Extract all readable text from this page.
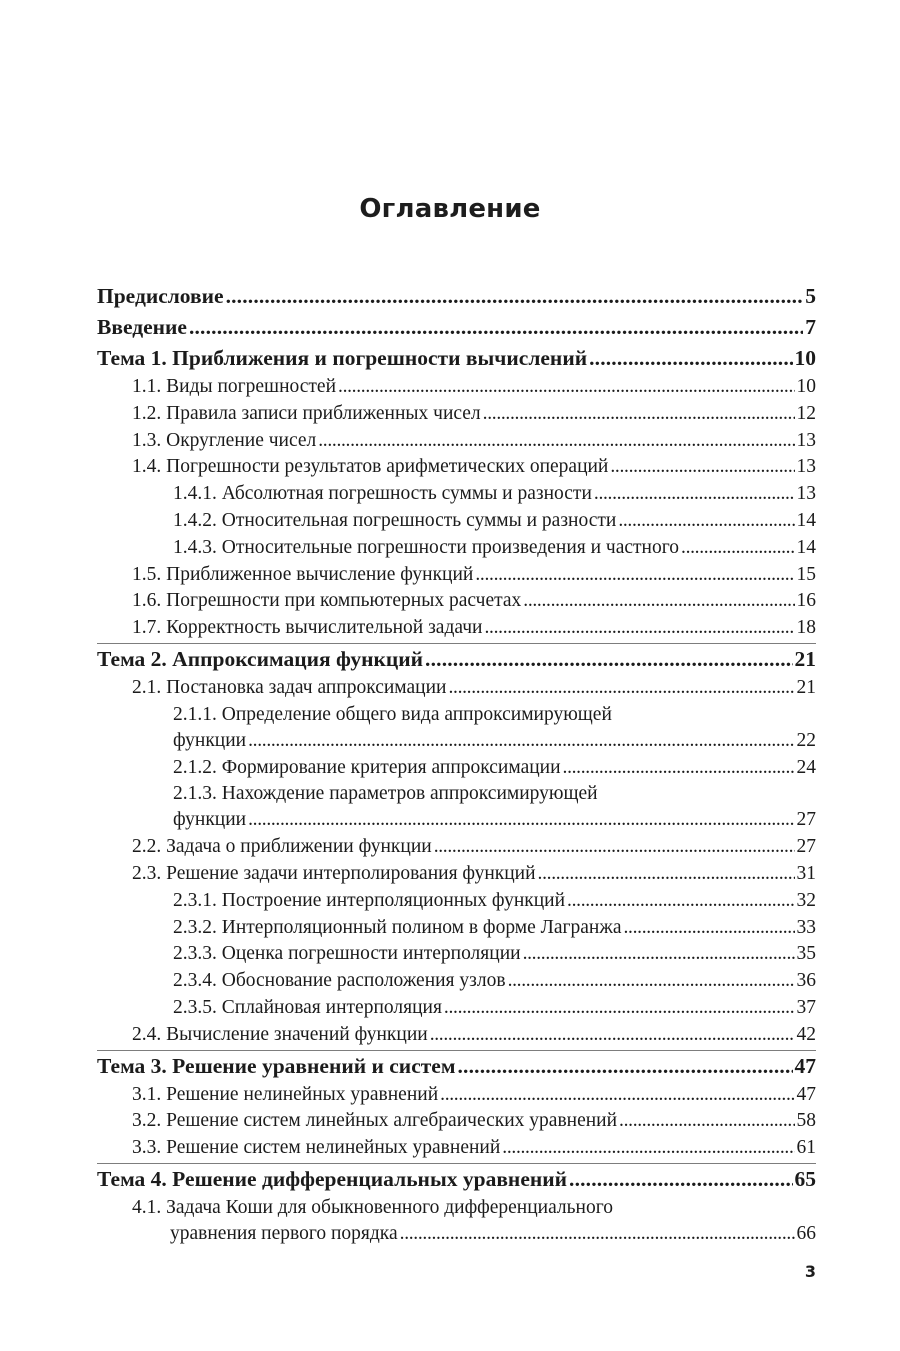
Оглавление
Предисловие . . .	5
Введение . . .	7
Тема 1. Приближения и погрешности вычислений . . .	10
1.1. Виды погрешностей . . .	10
1.2. Правила записи приближенных чисел . . .	12
1.3. Округление чисел . . .	13
1.4. Погрешности результатов арифметических операций . . .	13
1.4.1. Абсолютная погрешность суммы и разности . . .	13
1.4.2. Относительная погрешность суммы и разности . . .	14
1.4.3. Относительные погрешности произведения и частного . . .	14
1.5. Приближенное вычисление функций . . .	15
1.6. Погрешности при компьютерных расчетах . . .	16
1.7. Корректность вычислительной задачи . . .	18
Тема 2. Аппроксимация функций . . .	21
2.1. Постановка задач аппроксимации . . .	21
2.1.1. Определение общего вида аппроксимирующей
функции . . .	22
2.1.2. Формирование критерия аппроксимации . . .	24
2.1.3. Нахождение параметров аппроксимирующей
функции . . .	27
2.2. Задача о приближении функции . . .	27
2.3. Решение задачи интерполирования функций . . .	31
2.3.1. Построение интерполяционных функций . . .	32
2.3.2. Интерполяционный полином в форме Лагранжа . . .	33
2.3.3. Оценка погрешности интерполяции . . .	35
2.3.4. Обоснование расположения узлов . . .	36
2.3.5. Сплайновая интерполяция . . .	37
2.4. Вычисление значений функции . . .	42
Тема 3. Решение уравнений и систем . . .	47
3.1. Решение нелинейных уравнений . . .	47
3.2. Решение систем линейных алгебраических уравнений . . .	58
3.3. Решение систем нелинейных уравнений . . .	61
Тема 4. Решение дифференциальных уравнений . . .	65
4.1. Задача Коши для обыкновенного дифференциального
уравнения первого порядка . . .	66
3
